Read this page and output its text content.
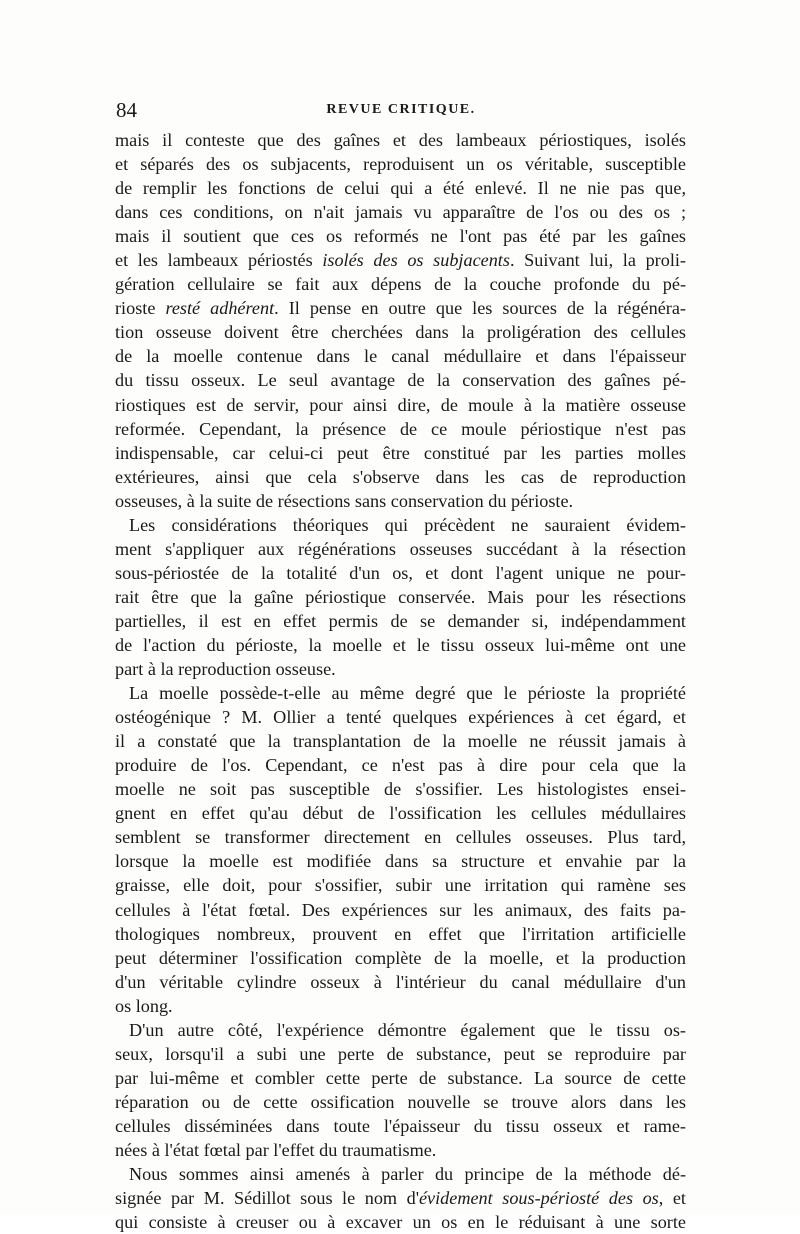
84	REVUE CRITIQUE.
mais il conteste que des gaînes et des lambeaux périostiques, isolés
et séparés des os subjacents, reproduisent un os véritable, susceptible
de remplir les fonctions de celui qui a été enlevé. Il ne nie pas que,
dans ces conditions, on n'ait jamais vu apparaître de l'os ou des os ;
mais il soutient que ces os reformés ne l'ont pas été par les gaînes
et les lambeaux périostés isolés des os subjacents. Suivant lui, la proli-
gération cellulaire se fait aux dépens de la couche profonde du pé-
rioste resté adhérent. Il pense en outre que les sources de la régénéra-
tion osseuse doivent être cherchées dans la proligération des cellules
de la moelle contenue dans le canal médullaire et dans l'épaisseur
du tissu osseux. Le seul avantage de la conservation des gaînes pé-
riostiques est de servir, pour ainsi dire, de moule à la matière osseuse
reformée. Cependant, la présence de ce moule périostique n'est pas
indispensable, car celui-ci peut être constitué par les parties molles
extérieures, ainsi que cela s'observe dans les cas de reproduction
osseuses, à la suite de résections sans conservation du périoste.
Les considérations théoriques qui précèdent ne sauraient évidem-
ment s'appliquer aux régénérations osseuses succédant à la résection
sous-périostée de la totalité d'un os, et dont l'agent unique ne pour-
rait être que la gaîne périostique conservée. Mais pour les résections
partielles, il est en effet permis de se demander si, indépendamment
de l'action du périoste, la moelle et le tissu osseux lui-même ont une
part à la reproduction osseuse.
La moelle possède-t-elle au même degré que le périoste la propriété
ostéogénique ? M. Ollier a tenté quelques expériences à cet égard, et
il a constaté que la transplantation de la moelle ne réussit jamais à
produire de l'os. Cependant, ce n'est pas à dire pour cela que la
moelle ne soit pas susceptible de s'ossifier. Les histologistes ensei-
gnent en effet qu'au début de l'ossification les cellules médullaires
semblent se transformer directement en cellules osseuses. Plus tard,
lorsque la moelle est modifiée dans sa structure et envahie par la
graisse, elle doit, pour s'ossifier, subir une irritation qui ramène ses
cellules à l'état fœtal. Des expériences sur les animaux, des faits pa-
thologiques nombreux, prouvent en effet que l'irritation artificielle
peut déterminer l'ossification complète de la moelle, et la production
d'un véritable cylindre osseux à l'intérieur du canal médullaire d'un
os long.
D'un autre côté, l'expérience démontre également que le tissu os-
seux, lorsqu'il a subi une perte de substance, peut se reproduire par
par lui-même et combler cette perte de substance. La source de cette
réparation ou de cette ossification nouvelle se trouve alors dans les
cellules disséminées dans toute l'épaisseur du tissu osseux et rame-
nées à l'état fœtal par l'effet du traumatisme.
Nous sommes ainsi amenés à parler du principe de la méthode dé-
signée par M. Sédillot sous le nom d'évidement sous-périosté des os, et
qui consiste à creuser ou à excaver un os en le réduisant à une sorte
